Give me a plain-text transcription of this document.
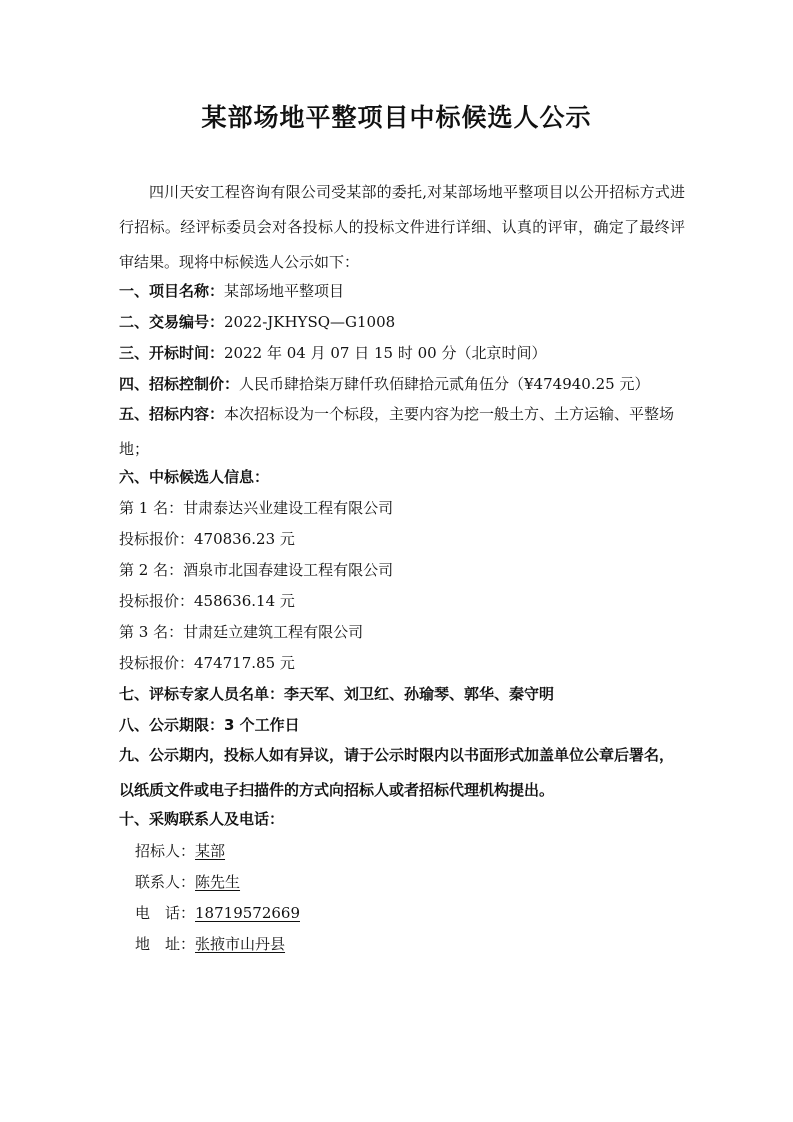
某部场地平整项目中标候选人公示
四川天安工程咨询有限公司受某部的委托,对某部场地平整项目以公开招标方式进行招标。经评标委员会对各投标人的投标文件进行详细、认真的评审，确定了最终评审结果。现将中标候选人公示如下：
一、项目名称：某部场地平整项目
二、交易编号：2022-JKHYSQ—G1008
三、开标时间：2022 年 04 月 07 日 15 时 00 分（北京时间）
四、招标控制价：人民币肆拾柒万肆仟玖佰肆拾元贰角伍分（¥474940.25 元）
五、招标内容：本次招标设为一个标段，主要内容为挖一般土方、土方运输、平整场地；
六、中标候选人信息：
第 1 名：甘肃泰达兴业建设工程有限公司
投标报价：470836.23 元
第 2 名：酒泉市北国春建设工程有限公司
投标报价：458636.14 元
第 3 名：甘肃廷立建筑工程有限公司
投标报价：474717.85 元
七、评标专家人员名单：李天军、刘卫红、孙瑜琴、郭华、秦守明
八、公示期限：3 个工作日
九、公示期内，投标人如有异议，请于公示时限内以书面形式加盖单位公章后署名，以纸质文件或电子扫描件的方式向招标人或者招标代理机构提出。
十、采购联系人及电话：
招标人：某部
联系人：陈先生
电　话：18719572669
地　址：张掖市山丹县
